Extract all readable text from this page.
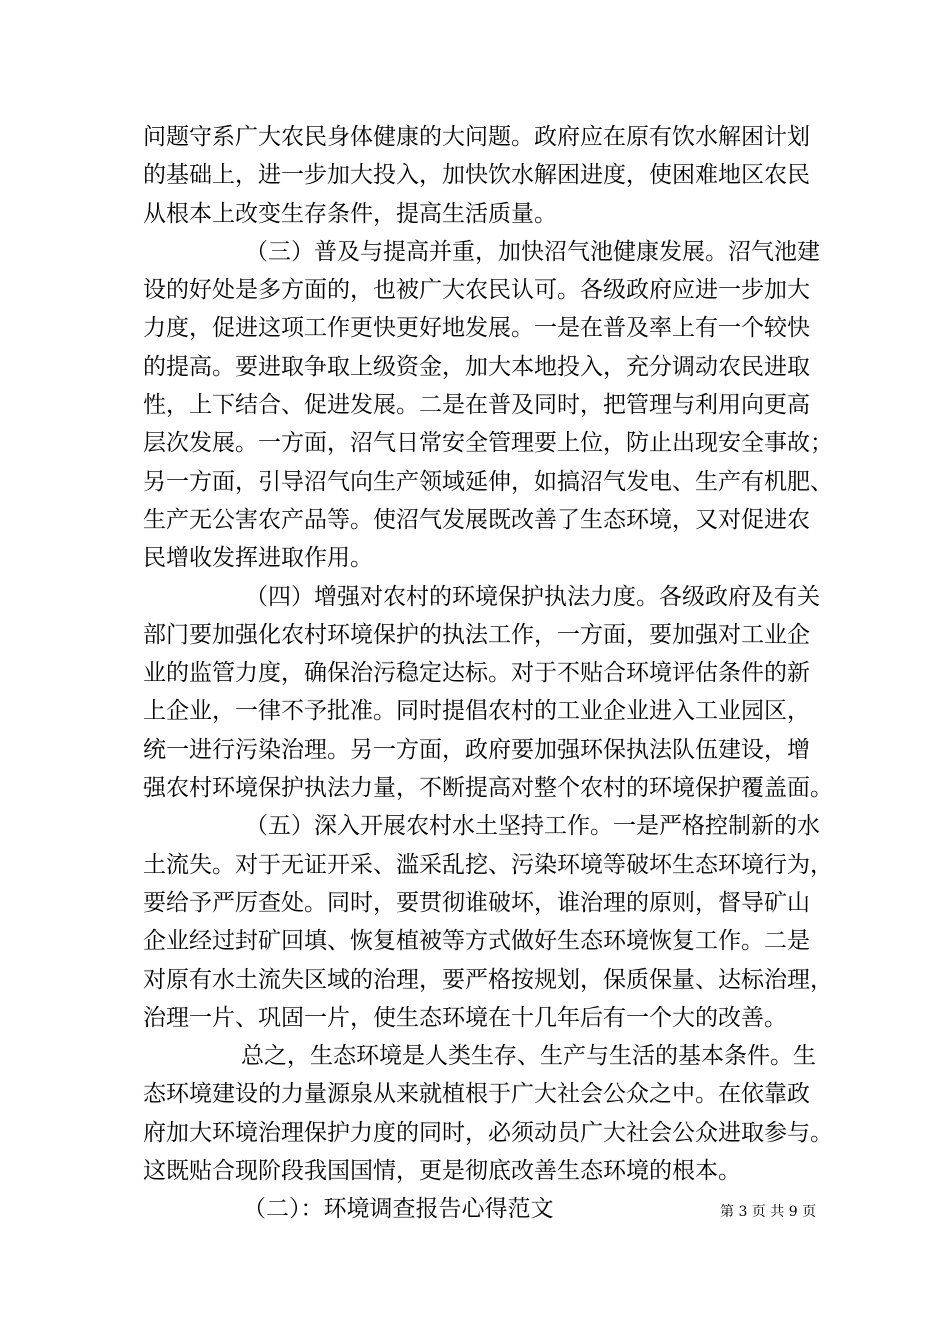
问题守系广大农民身体健康的大问题。政府应在原有饮水解困计划
的基础上，进一步加大投入，加快饮水解困进度，使困难地区农民
从根本上改变生存条件，提高生活质量。
（三）普及与提高并重，加快沼气池健康发展。沼气池建
设的好处是多方面的，也被广大农民认可。各级政府应进一步加大
力度，促进这项工作更快更好地发展。一是在普及率上有一个较快
的提高。要进取争取上级资金，加大本地投入，充分调动农民进取
性，上下结合、促进发展。二是在普及同时，把管理与利用向更高
层次发展。一方面，沼气日常安全管理要上位，防止出现安全事故；
另一方面，引导沼气向生产领域延伸，如搞沼气发电、生产有机肥、
生产无公害农产品等。使沼气发展既改善了生态环境，又对促进农
民增收发挥进取作用。
（四）增强对农村的环境保护执法力度。各级政府及有关
部门要加强化农村环境保护的执法工作，一方面，要加强对工业企
业的监管力度，确保治污稳定达标。对于不贴合环境评估条件的新
上企业，一律不予批准。同时提倡农村的工业企业进入工业园区，
统一进行污染治理。另一方面，政府要加强环保执法队伍建设，增
强农村环境保护执法力量，不断提高对整个农村的环境保护覆盖面。
（五）深入开展农村水土坚持工作。一是严格控制新的水
土流失。对于无证开采、滥采乱挖、污染环境等破坏生态环境行为，
要给予严厉查处。同时，要贯彻谁破坏，谁治理的原则，督导矿山
企业经过封矿回填、恢复植被等方式做好生态环境恢复工作。二是
对原有水土流失区域的治理，要严格按规划，保质保量、达标治理，
治理一片、巩固一片，使生态环境在十几年后有一个大的改善。
总之，生态环境是人类生存、生产与生活的基本条件。生
态环境建设的力量源泉从来就植根于广大社会公众之中。在依靠政
府加大环境治理保护力度的同时，必须动员广大社会公众进取参与。
这既贴合现阶段我国国情，更是彻底改善生态环境的根本。
（二）：环境调查报告心得范文	第 3 页 共 9 页
